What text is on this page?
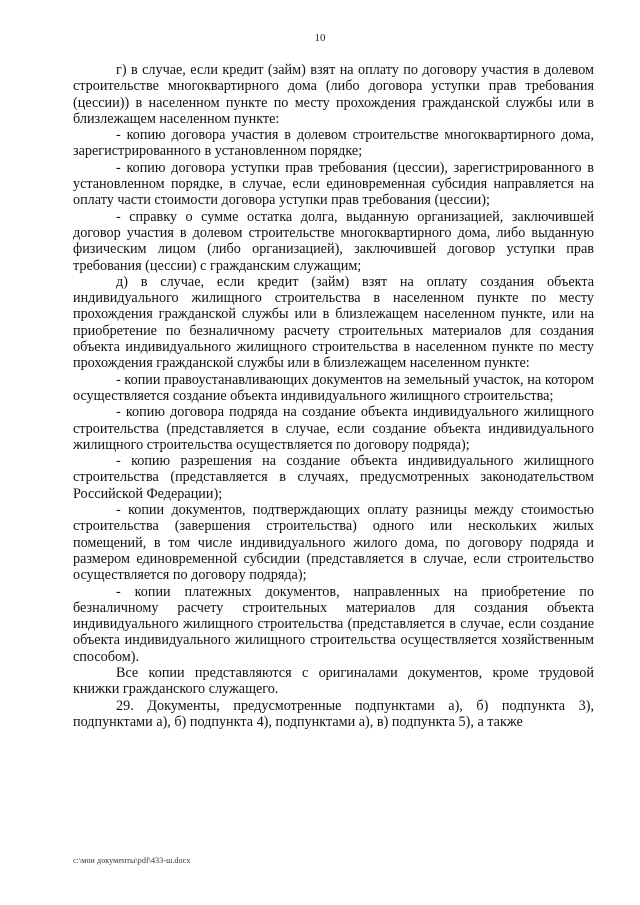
10

г) в случае, если кредит (займ) взят на оплату по договору участия в долевом строительстве многоквартирного дома (либо договора уступки прав требования (цессии)) в населенном пункте по месту прохождения гражданской службы или в близлежащем населенном пункте:

- копию договора участия в долевом строительстве многоквартирного дома, зарегистрированного в установленном порядке;

- копию договора уступки прав требования (цессии), зарегистрированного в установленном порядке, в случае, если единовременная субсидия направляется на оплату части стоимости договора уступки прав требования (цессии);

- справку о сумме остатка долга, выданную организацией, заключившей договор участия в долевом строительстве многоквартирного дома, либо выданную физическим лицом (либо организацией), заключившей договор уступки прав требования (цессии) с гражданским служащим;

д) в случае, если кредит (займ) взят на оплату создания объекта индивидуального жилищного строительства в населенном пункте по месту прохождения гражданской службы или в близлежащем населенном пункте, или на приобретение по безналичному расчету строительных материалов для создания объекта индивидуального жилищного строительства в населенном пункте по месту прохождения гражданской службы или в близлежащем населенном пункте:

- копии правоустанавливающих документов на земельный участок, на котором осуществляется создание объекта индивидуального жилищного строительства;

- копию договора подряда на создание объекта индивидуального жилищного строительства (представляется в случае, если создание объекта индивидуального жилищного строительства осуществляется по договору подряда);

- копию разрешения на создание объекта индивидуального жилищного строительства (представляется в случаях, предусмотренных законодательством Российской Федерации);

- копии документов, подтверждающих оплату разницы между стоимостью строительства (завершения строительства) одного или нескольких жилых помещений, в том числе индивидуального жилого дома, по договору подряда и размером единовременной субсидии (представляется в случае, если строительство осуществляется по договору подряда);

- копии платежных документов, направленных на приобретение по безналичному расчету строительных материалов для создания объекта индивидуального жилищного строительства (представляется в случае, если создание объекта индивидуального жилищного строительства осуществляется хозяйственным способом).

Все копии представляются с оригиналами документов, кроме трудовой книжки гражданского служащего.

29. Документы, предусмотренные подпунктами а), б) подпункта 3), подпунктами а), б) подпункта 4), подпунктами а), в) подпункта 5), а также

c:\мои документы\pdf\433-ш.docx
